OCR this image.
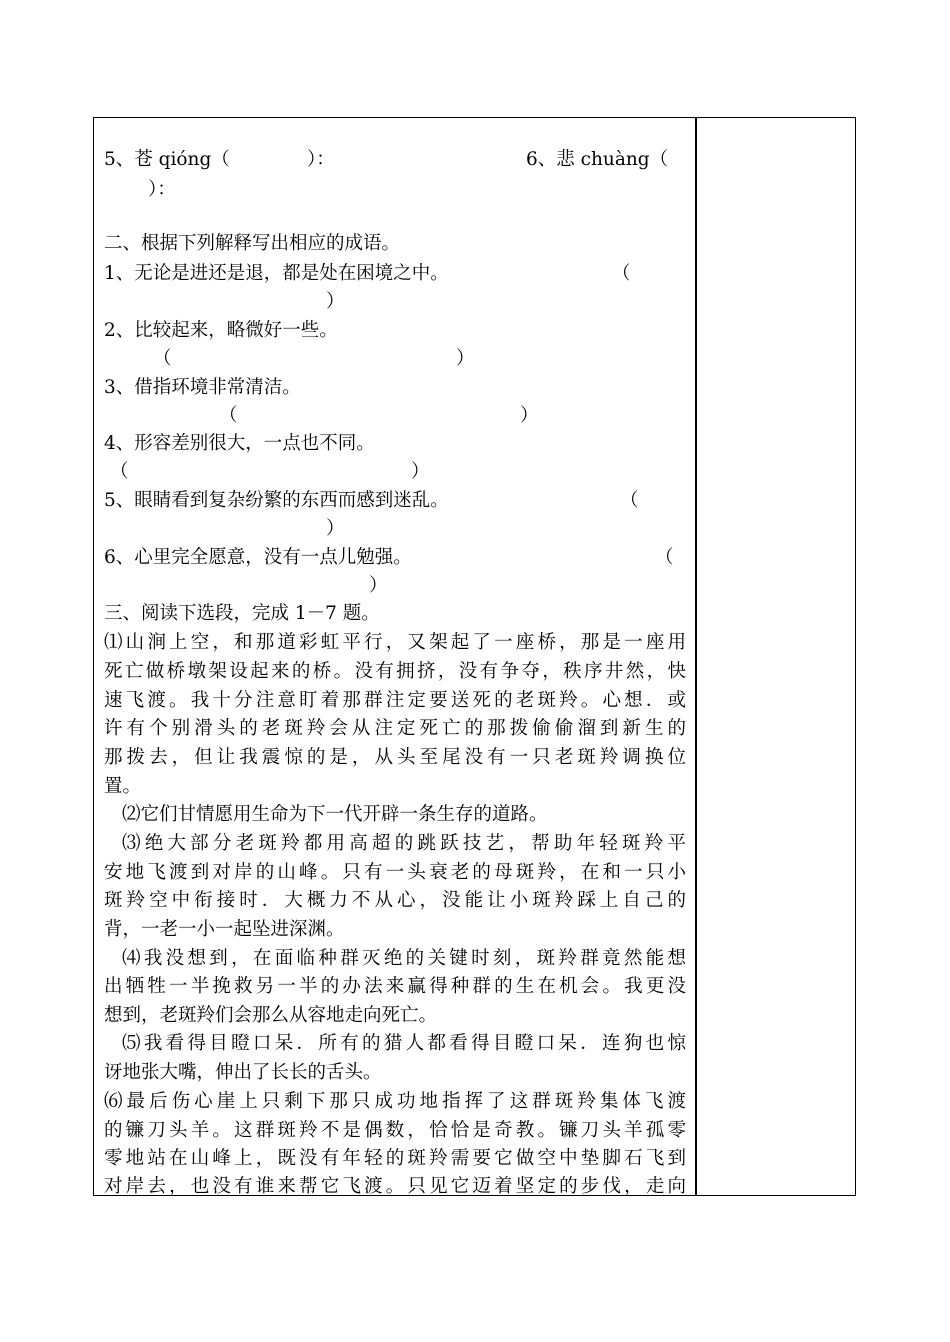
5、苍 qióng（	）：	6、悲 chuàng（
）：
二、根据下列解释写出相应的成语。
1、无论是进还是退，都是处在困境之中。	（
）
2、比较起来，略微好一些。
（	）
3、借指环境非常清洁。
（	）
4、形容差别很大，一点也不同。
（	）
5、眼睛看到复杂纷繁的东西而感到迷乱。	（
）
6、心里完全愿意，没有一点儿勉强。	（
）
三、阅读下选段，完成 1－7 题。
⑴山涧上空，和那道彩虹平行，又架起了一座桥，那是一座用
死亡做桥墩架设起来的桥。没有拥挤，没有争夺，秩序井然，快
速飞渡。我十分注意盯着那群注定要送死的老斑羚。心想．或
许有个别滑头的老斑羚会从注定死亡的那拨偷偷溜到新生的
那拨去，但让我震惊的是，从头至尾没有一只老斑羚调换位
置。
⑵它们甘情愿用生命为下一代开辟一条生存的道路。
⑶绝大部分老斑羚都用高超的跳跃技艺，帮助年轻斑羚平
安地飞渡到对岸的山峰。只有一头衰老的母斑羚，在和一只小
斑羚空中衔接时．大概力不从心，没能让小斑羚踩上自己的
背，一老一小一起坠进深渊。
⑷我没想到，在面临种群灭绝的关键时刻，斑羚群竟然能想
出牺牲一半挽救另一半的办法来赢得种群的生在机会。我更没
想到，老斑羚们会那么从容地走向死亡。
⑸我看得目瞪口呆．所有的猎人都看得目瞪口呆．连狗也惊
讶地张大嘴，伸出了长长的舌头。
⑹最后伤心崖上只剩下那只成功地指挥了这群斑羚集体飞渡
的镰刀头羊。这群斑羚不是偶数，恰恰是奇教。镰刀头羊孤零
零地站在山峰上，既没有年轻的斑羚需要它做空中垫脚石飞到
对岸去，也没有谁来帮它飞渡。只见它迈着坚定的步伐，走向
